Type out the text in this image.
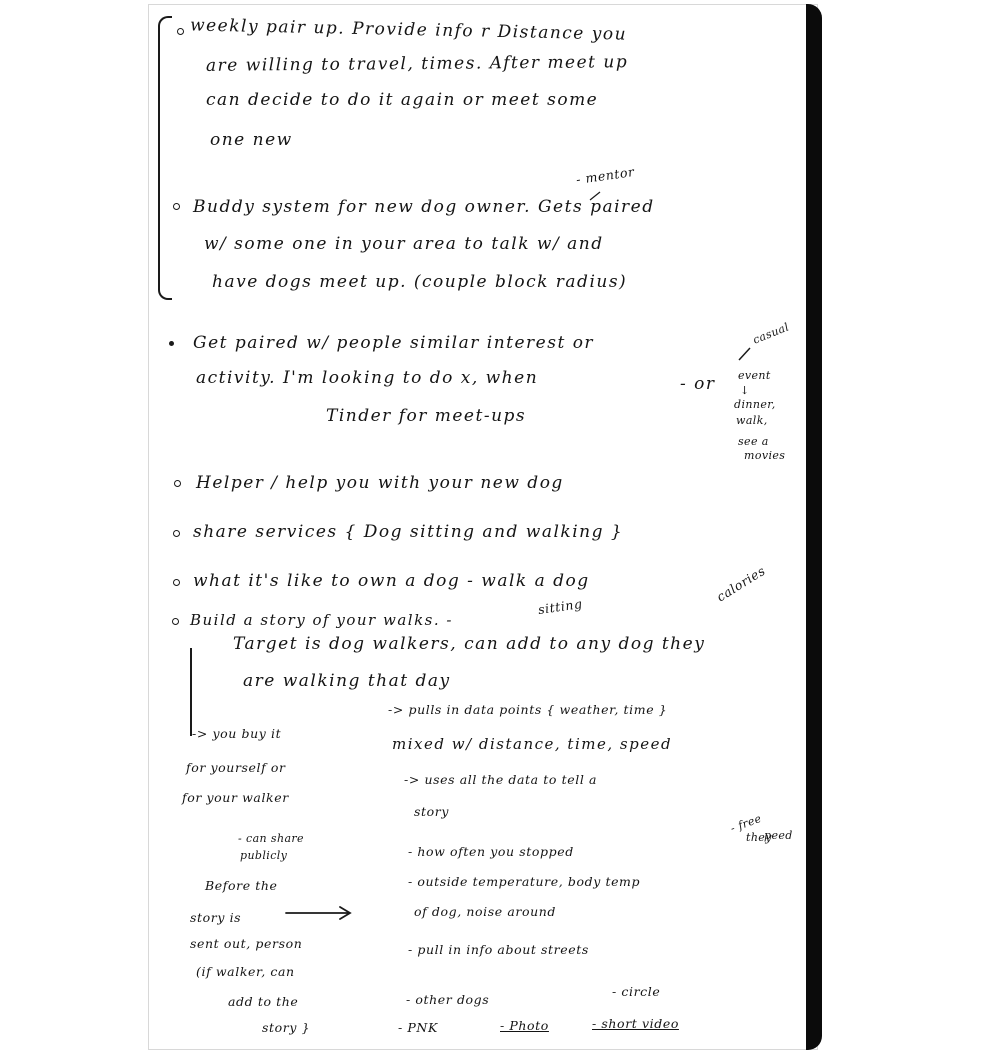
weekly pair up. Provide info r Distance you
are willing to travel, times. After meet up
can decide to do it again or meet some
one new
- mentor
Buddy system for new dog owner. Gets paired
w/ some one in your area to talk w/ and
have dogs meet up. (couple block radius)
Get paired w/ people similar interest or
activity. I'm looking to do x, when	- or
Tinder for meet-ups
casual
event
↓
dinner,
walk,
see a
movies
Helper / help you with your new dog
share services { Dog sitting and walking }
what it's like to own a dog - walk a dog	calories
Build a story of your walks. -
sitting
Target is dog walkers, can add to any dog they
are walking that day
-> you buy it
for yourself or
for your walker
- can share
publicly
Before the
story is
sent out, person
(if walker, can
add to the
story }
-> pulls in data points { weather, time }
mixed w/ distance, time, speed
-> uses all the data to tell a
story
- how often you stopped
- free
they
peed
- outside temperature, body temp
of dog, noise around
- pull in info about streets
- other dogs
- circle
- PNK	- Photo	- short video
